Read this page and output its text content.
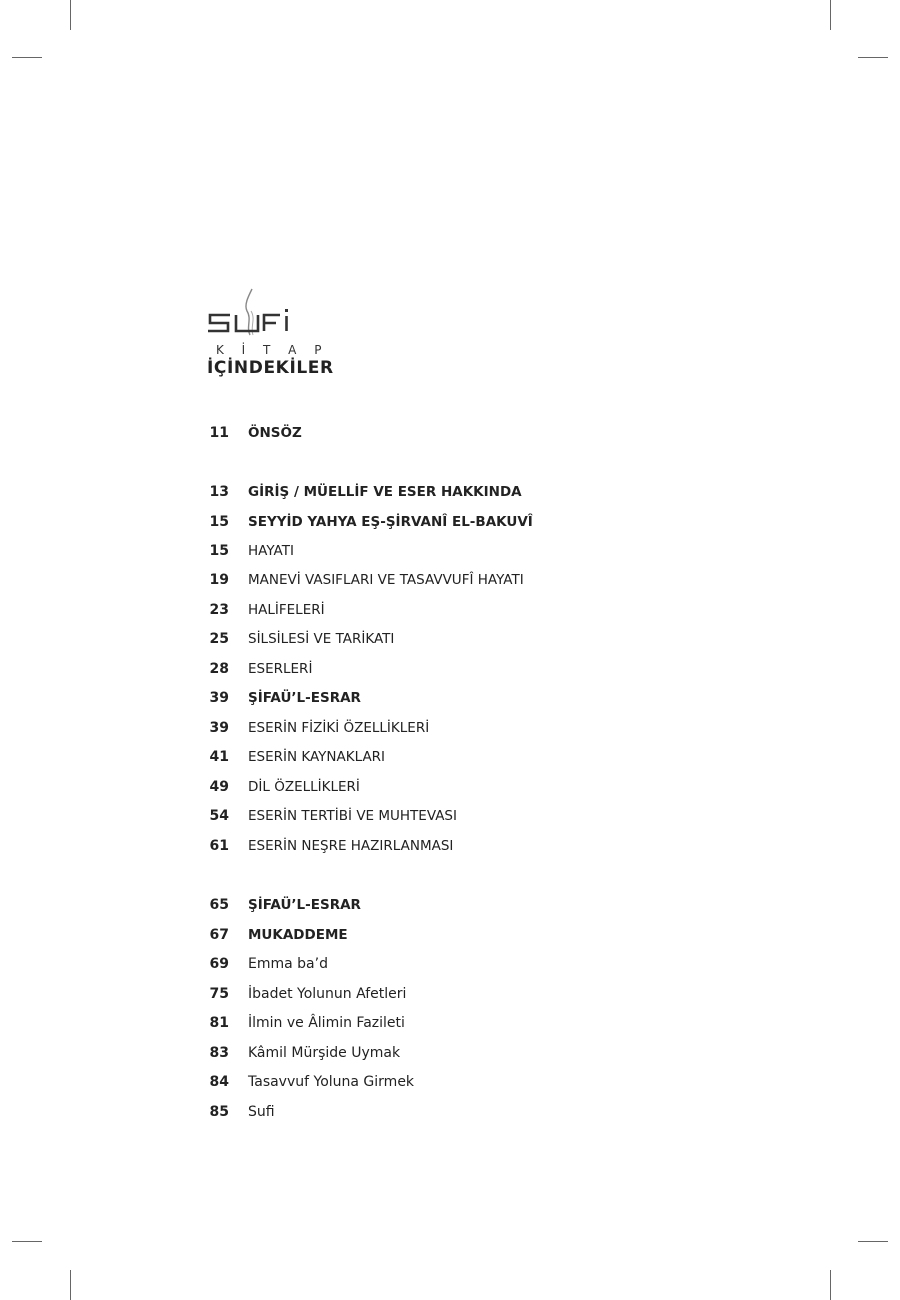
K İ T A P
İÇİNDEKİLER
11 ÖNSÖZ
13 GİRİŞ / MÜELLİF VE ESER HAKKINDA
15 SEYYİD YAHYA EŞ-ŞİRVANÎ EL-BAKUVÎ
15 HAYATI
19 MANEVİ VASIFLARI VE TASAVVUFÎ HAYATI
23 HALİFELERİ
25 SİLSİLESİ VE TARİKATI
28 ESERLERİ
39 ŞİFAÜ’L-ESRAR
39 ESERİN FİZİKİ ÖZELLİKLERİ
41 ESERİN KAYNAKLARI
49 DİL ÖZELLİKLERİ
54 ESERİN TERTİBİ VE MUHTEVASI
61 ESERİN NEŞRE HAZIRLANMASI
65 ŞİFAÜ’L-ESRAR
67 MUKADDEME
69 Emma ba’d
75 İbadet Yolunun Afetleri
81 İlmin ve Âlimin Fazileti
83 Kâmil Mürşide Uymak
84 Tasavvuf Yoluna Girmek
85 Sufi
